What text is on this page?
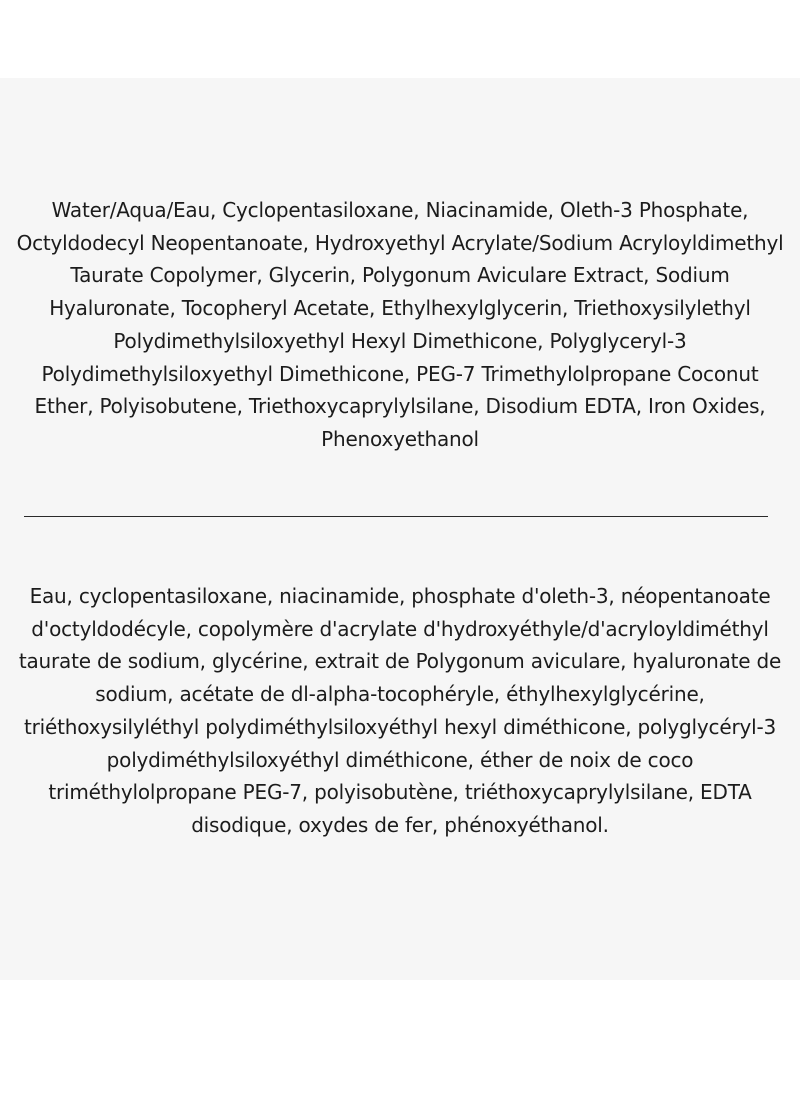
Water/Aqua/Eau, Cyclopentasiloxane, Niacinamide, Oleth-3 Phosphate, Octyldodecyl Neopentanoate, Hydroxyethyl Acrylate/Sodium Acryloyldimethyl Taurate Copolymer, Glycerin, Polygonum Aviculare Extract, Sodium Hyaluronate, Tocopheryl Acetate, Ethylhexylglycerin, Triethoxysilylethyl Polydimethylsiloxyethyl Hexyl Dimethicone, Polyglyceryl-3 Polydimethylsiloxyethyl Dimethicone, PEG-7 Trimethylolpropane Coconut Ether, Polyisobutene, Triethoxycaprylylsilane, Disodium EDTA, Iron Oxides, Phenoxyethanol

Eau, cyclopentasiloxane, niacinamide, phosphate d'oleth-3, néopentanoate d'octyldodécyle, copolymère d'acrylate d'hydroxyéthyle/d'acryloyldiméthyl taurate de sodium, glycérine, extrait de Polygonum aviculare, hyaluronate de sodium, acétate de dl-alpha-tocophéryle, éthylhexylglycérine, triéthoxysilyléthyl polydiméthylsiloxyéthyl hexyl diméthicone, polyglycéryl-3 polydiméthylsiloxyéthyl diméthicone, éther de noix de coco triméthylolpropane PEG-7, polyisobutène, triéthoxycaprylylsilane, EDTA disodique, oxydes de fer, phénoxyéthanol.
